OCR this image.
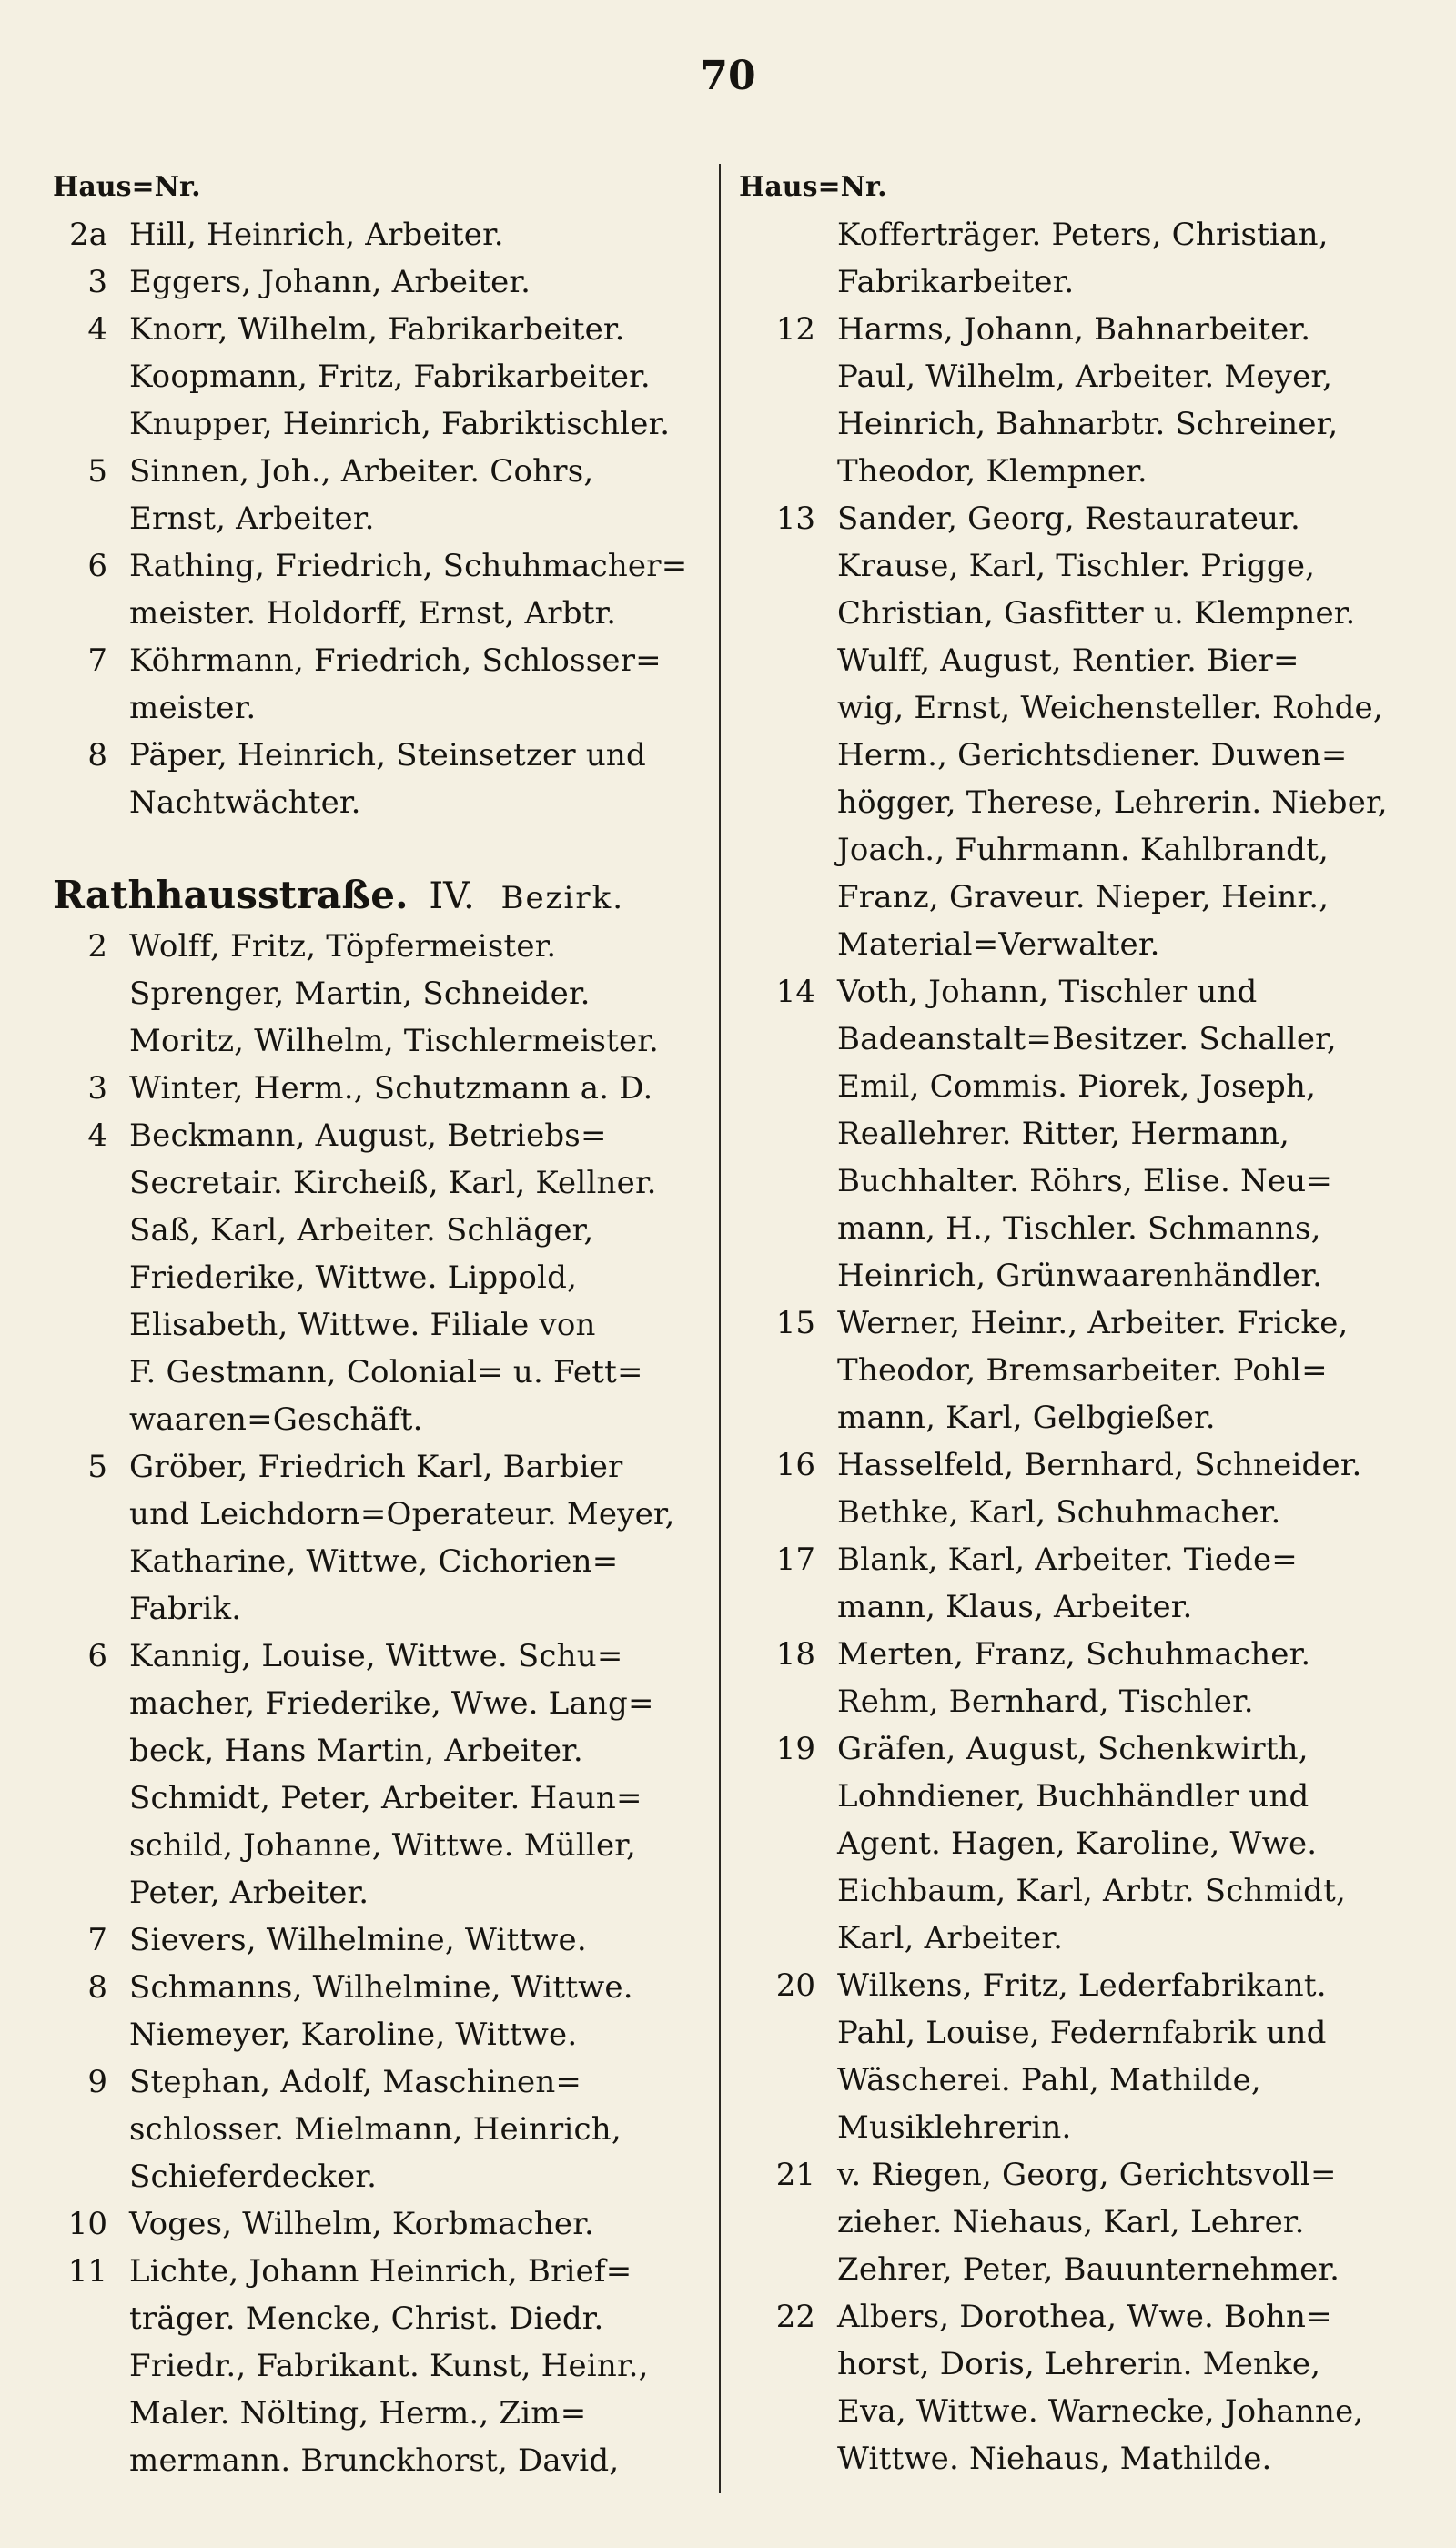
70
Haus=Nr.
2a Hill, Heinrich, Arbeiter.
3 Eggers, Johann, Arbeiter.
4 Knorr, Wilhelm, Fabrikarbeiter.
Koopmann, Fritz, Fabrikarbeiter.
Knupper, Heinrich, Fabriktischler.
5 Sinnen, Joh., Arbeiter. Cohrs,
Ernst, Arbeiter.
6 Rathing, Friedrich, Schuhmacher=
meister. Holdorff, Ernst, Arbtr.
7 Köhrmann, Friedrich, Schlosser=
meister.
8 Päper, Heinrich, Steinsetzer und
Nachtwächter.
Rathhausstraße. IV. Bezirk.
2 Wolff, Fritz, Töpfermeister.
Sprenger, Martin, Schneider.
Moritz, Wilhelm, Tischlermeister.
3 Winter, Herm., Schutzmann a. D.
4 Beckmann, August, Betriebs=
Secretair. Kircheiß, Karl, Kellner.
Saß, Karl, Arbeiter. Schläger,
Friederike, Wittwe. Lippold,
Elisabeth, Wittwe. Filiale von
F. Gestmann, Colonial= u. Fett=
waaren=Geschäft.
5 Gröber, Friedrich Karl, Barbier
und Leichdorn=Operateur. Meyer,
Katharine, Wittwe, Cichorien=
Fabrik.
6 Kannig, Louise, Wittwe. Schu=
macher, Friederike, Wwe. Lang=
beck, Hans Martin, Arbeiter.
Schmidt, Peter, Arbeiter. Haun=
schild, Johanne, Wittwe. Müller,
Peter, Arbeiter.
7 Sievers, Wilhelmine, Wittwe.
8 Schmanns, Wilhelmine, Wittwe.
Niemeyer, Karoline, Wittwe.
9 Stephan, Adolf, Maschinen=
schlosser. Mielmann, Heinrich,
Schieferdecker.
10 Voges, Wilhelm, Korbmacher.
11 Lichte, Johann Heinrich, Brief=
träger. Mencke, Christ. Diedr.
Friedr., Fabrikant. Kunst, Heinr.,
Maler. Nölting, Herm., Zim=
mermann. Brunckhorst, David,
Haus=Nr.
Kofferträger. Peters, Christian,
Fabrikarbeiter.
12 Harms, Johann, Bahnarbeiter.
Paul, Wilhelm, Arbeiter. Meyer,
Heinrich, Bahnarbtr. Schreiner,
Theodor, Klempner.
13 Sander, Georg, Restaurateur.
Krause, Karl, Tischler. Prigge,
Christian, Gasfitter u. Klempner.
Wulff, August, Rentier. Bier=
wig, Ernst, Weichensteller. Rohde,
Herm., Gerichtsdiener. Duwen=
högger, Therese, Lehrerin. Nieber,
Joach., Fuhrmann. Kahlbrandt,
Franz, Graveur. Nieper, Heinr.,
Material=Verwalter.
14 Voth, Johann, Tischler und
Badeanstalt=Besitzer. Schaller,
Emil, Commis. Piorek, Joseph,
Reallehrer. Ritter, Hermann,
Buchhalter. Röhrs, Elise. Neu=
mann, H., Tischler. Schmanns,
Heinrich, Grünwaarenhändler.
15 Werner, Heinr., Arbeiter. Fricke,
Theodor, Bremsarbeiter. Pohl=
mann, Karl, Gelbgießer.
16 Hasselfeld, Bernhard, Schneider.
Bethke, Karl, Schuhmacher.
17 Blank, Karl, Arbeiter. Tiede=
mann, Klaus, Arbeiter.
18 Merten, Franz, Schuhmacher.
Rehm, Bernhard, Tischler.
19 Gräfen, August, Schenkwirth,
Lohndiener, Buchhändler und
Agent. Hagen, Karoline, Wwe.
Eichbaum, Karl, Arbtr. Schmidt,
Karl, Arbeiter.
20 Wilkens, Fritz, Lederfabrikant.
Pahl, Louise, Federnfabrik und
Wäscherei. Pahl, Mathilde,
Musiklehrerin.
21 v. Riegen, Georg, Gerichtsvoll=
zieher. Niehaus, Karl, Lehrer.
Zehrer, Peter, Bauunternehmer.
22 Albers, Dorothea, Wwe. Bohn=
horst, Doris, Lehrerin. Menke,
Eva, Wittwe. Warnecke, Johanne,
Wittwe. Niehaus, Mathilde.
